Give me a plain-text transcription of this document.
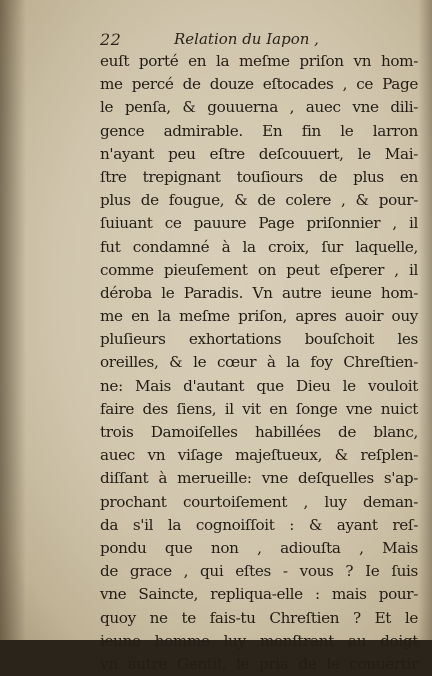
22	Relation du Iapon ,
euſt porté en la meſme priſon vn hom-
me percé de douze eſtocades , ce Page
le penſa, & gouuerna , auec vne dili-
gence admirable. En fin le larron
n'ayant peu eſtre deſcouuert, le Mai-
ſtre trepignant touſiours de plus en
plus de fougue, & de colere , & pour-
ſuiuant ce pauure Page priſonnier , il
fut condamné à la croix, ſur laquelle,
comme pieuſement on peut eſperer , il
déroba le Paradis. Vn autre ieune hom-
me en la meſme priſon, apres auoir ouy
pluſieurs exhortations bouſchoit les
oreilles, & le cœur à la foy Chreſtien-
ne: Mais d'autant que Dieu le vouloit
faire des ſiens, il vit en ſonge vne nuict
trois Damoiſelles habillées de blanc,
auec vn viſage majeſtueux, & reſplen-
diſſant à merueille: vne deſquelles s'ap-
prochant courtoiſement , luy deman-
da s'il la cognoiſſoit : & ayant reſ-
pondu que non , adiouſta , Mais
de grace , qui eſtes - vous ? Ie ſuis
vne Saincte, repliqua-elle : mais pour-
quoy ne te fais-tu Chreſtien ? Et le
ieune homme luy monſtrant au doigt
vn autre Gentil, le pria de le conuertir
